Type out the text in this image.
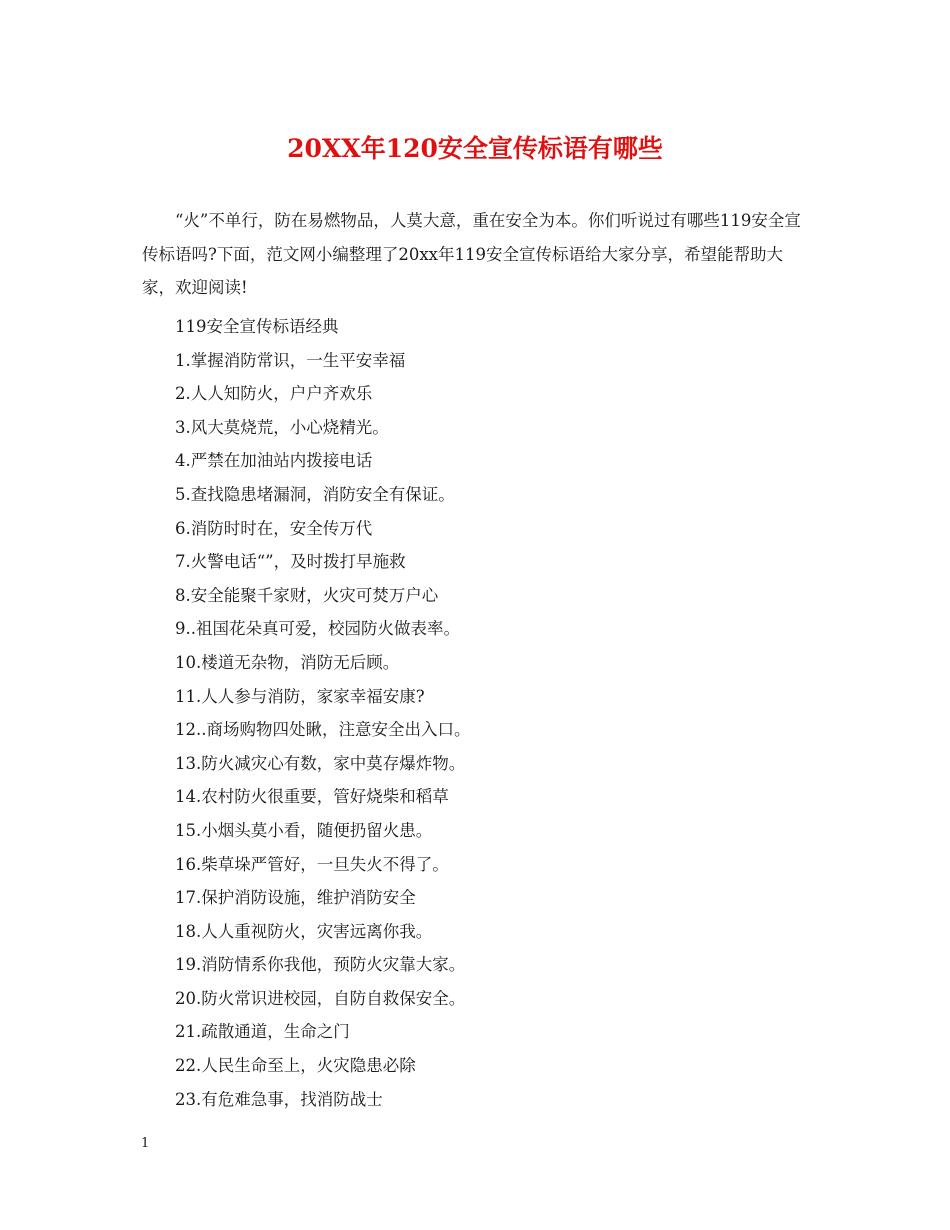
20XX年120安全宣传标语有哪些

“火”不单行，防在易燃物品，人莫大意，重在安全为本。你们听说过有哪些119安全宣传标语吗?下面，范文网小编整理了20xx年119安全宣传标语给大家分享，希望能帮助大家，欢迎阅读!

119安全宣传标语经典
1.掌握消防常识，一生平安幸福
2.人人知防火，户户齐欢乐
3.风大莫烧荒，小心烧精光。
4.严禁在加油站内拨接电话
5.查找隐患堵漏洞，消防安全有保证。
6.消防时时在，安全传万代
7.火警电话“”，及时拨打早施救
8.安全能聚千家财，火灾可焚万户心
9..祖国花朵真可爱，校园防火做表率。
10.楼道无杂物，消防无后顾。
11.人人参与消防，家家幸福安康?
12..商场购物四处瞅，注意安全出入口。
13.防火减灾心有数，家中莫存爆炸物。
14.农村防火很重要，管好烧柴和稻草
15.小烟头莫小看，随便扔留火患。
16.柴草垛严管好，一旦失火不得了。
17.保护消防设施，维护消防安全
18.人人重视防火，灾害远离你我。
19.消防情系你我他，预防火灾靠大家。
20.防火常识进校园，自防自救保安全。
21.疏散通道，生命之门
22.人民生命至上，火灾隐患必除
23.有危难急事，找消防战士
1
